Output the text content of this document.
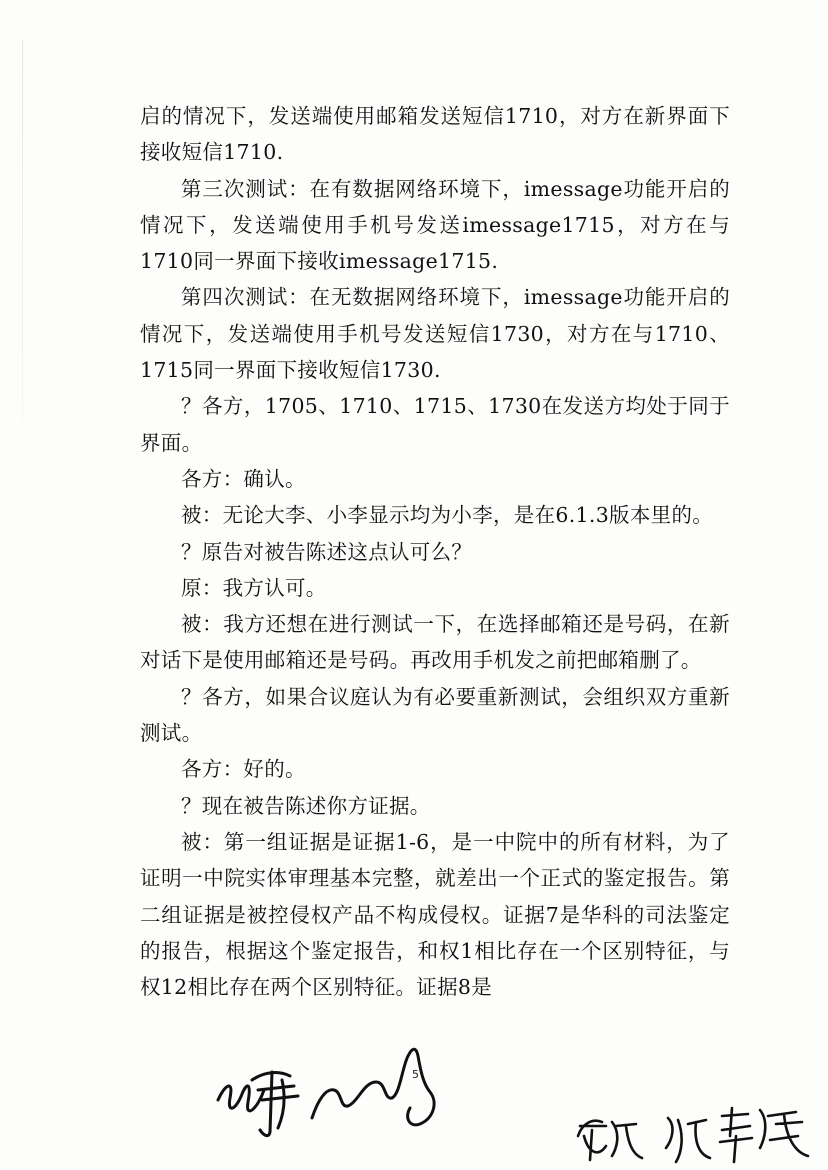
启的情况下，发送端使用邮箱发送短信1710，对方在新界面下接收短信1710.

第三次测试：在有数据网络环境下，imessage功能开启的情况下，发送端使用手机号发送imessage1715，对方在与1710同一界面下接收imessage1715.

第四次测试：在无数据网络环境下，imessage功能开启的情况下，发送端使用手机号发送短信1730，对方在与1710、1715同一界面下接收短信1730.

？各方，1705、1710、1715、1730在发送方均处于同于界面。

各方：确认。

被：无论大李、小李显示均为小李，是在6.1.3版本里的。

？原告对被告陈述这点认可么？

原：我方认可。

被：我方还想在进行测试一下，在选择邮箱还是号码，在新对话下是使用邮箱还是号码。再改用手机发之前把邮箱删了。

？各方，如果合议庭认为有必要重新测试，会组织双方重新测试。

各方：好的。

？现在被告陈述你方证据。

被：第一组证据是证据1-6，是一中院中的所有材料，为了证明一中院实体审理基本完整，就差出一个正式的鉴定报告。第二组证据是被控侵权产品不构成侵权。证据7是华科的司法鉴定的报告，根据这个鉴定报告，和权1相比存在一个区别特征，与权12相比存在两个区别特征。证据8是

5
